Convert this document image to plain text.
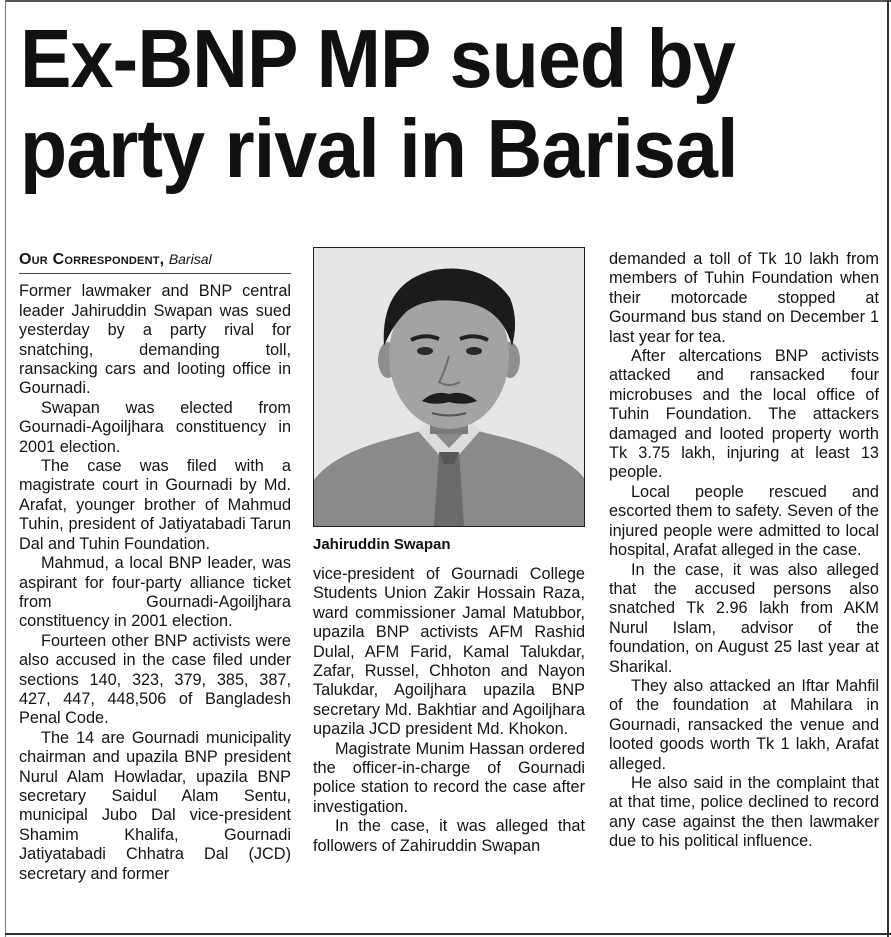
Ex-BNP MP sued by
party rival in Barisal
Our Correspondent, Barisal

Former lawmaker and BNP central leader Jahiruddin Swapan was sued yesterday by a party rival for snatching, demanding toll, ransacking cars and looting office in Gournadi.

Swapan was elected from Gournadi-Agoiljhara constituency in 2001 election.

The case was filed with a magistrate court in Gournadi by Md. Arafat, younger brother of Mahmud Tuhin, president of Jatiyatabadi Tarun Dal and Tuhin Foundation.

Mahmud, a local BNP leader, was aspirant for four-party alliance ticket from Gournadi-Agoiljhara constituency in 2001 election.

Fourteen other BNP activists were also accused in the case filed under sections 140, 323, 379, 385, 387, 427, 447, 448,506 of Bangladesh Penal Code.

The 14 are Gournadi municipality chairman and upazila BNP president Nurul Alam Howladar, upazila BNP secretary Saidul Alam Sentu, municipal Jubo Dal vice-president Shamim Khalifa, Gournadi Jatiyatabadi Chhatra Dal (JCD) secretary and former

Jahiruddin Swapan

vice-president of Gournadi College Students Union Zakir Hossain Raza, ward commissioner Jamal Matubbor, upazila BNP activists AFM Rashid Dulal, AFM Farid, Kamal Talukdar, Zafar, Russel, Chhoton and Nayon Talukdar, Agoiljhara upazila BNP secretary Md. Bakhtiar and Agoiljhara upazila JCD president Md. Khokon.

Magistrate Munim Hassan ordered the officer-in-charge of Gournadi police station to record the case after investigation.

In the case, it was alleged that followers of Zahiruddin Swapan

demanded a toll of Tk 10 lakh from members of Tuhin Foundation when their motorcade stopped at Gourmand bus stand on December 1 last year for tea.

After altercations BNP activists attacked and ransacked four microbuses and the local office of Tuhin Foundation. The attackers damaged and looted property worth Tk 3.75 lakh, injuring at least 13 people.

Local people rescued and escorted them to safety. Seven of the injured people were admitted to local hospital, Arafat alleged in the case.

In the case, it was also alleged that the accused persons also snatched Tk 2.96 lakh from AKM Nurul Islam, advisor of the foundation, on August 25 last year at Sharikal.

They also attacked an Iftar Mahfil of the foundation at Mahilara in Gournadi, ransacked the venue and looted goods worth Tk 1 lakh, Arafat alleged.

He also said in the complaint that at that time, police declined to record any case against the then lawmaker due to his political influence.
